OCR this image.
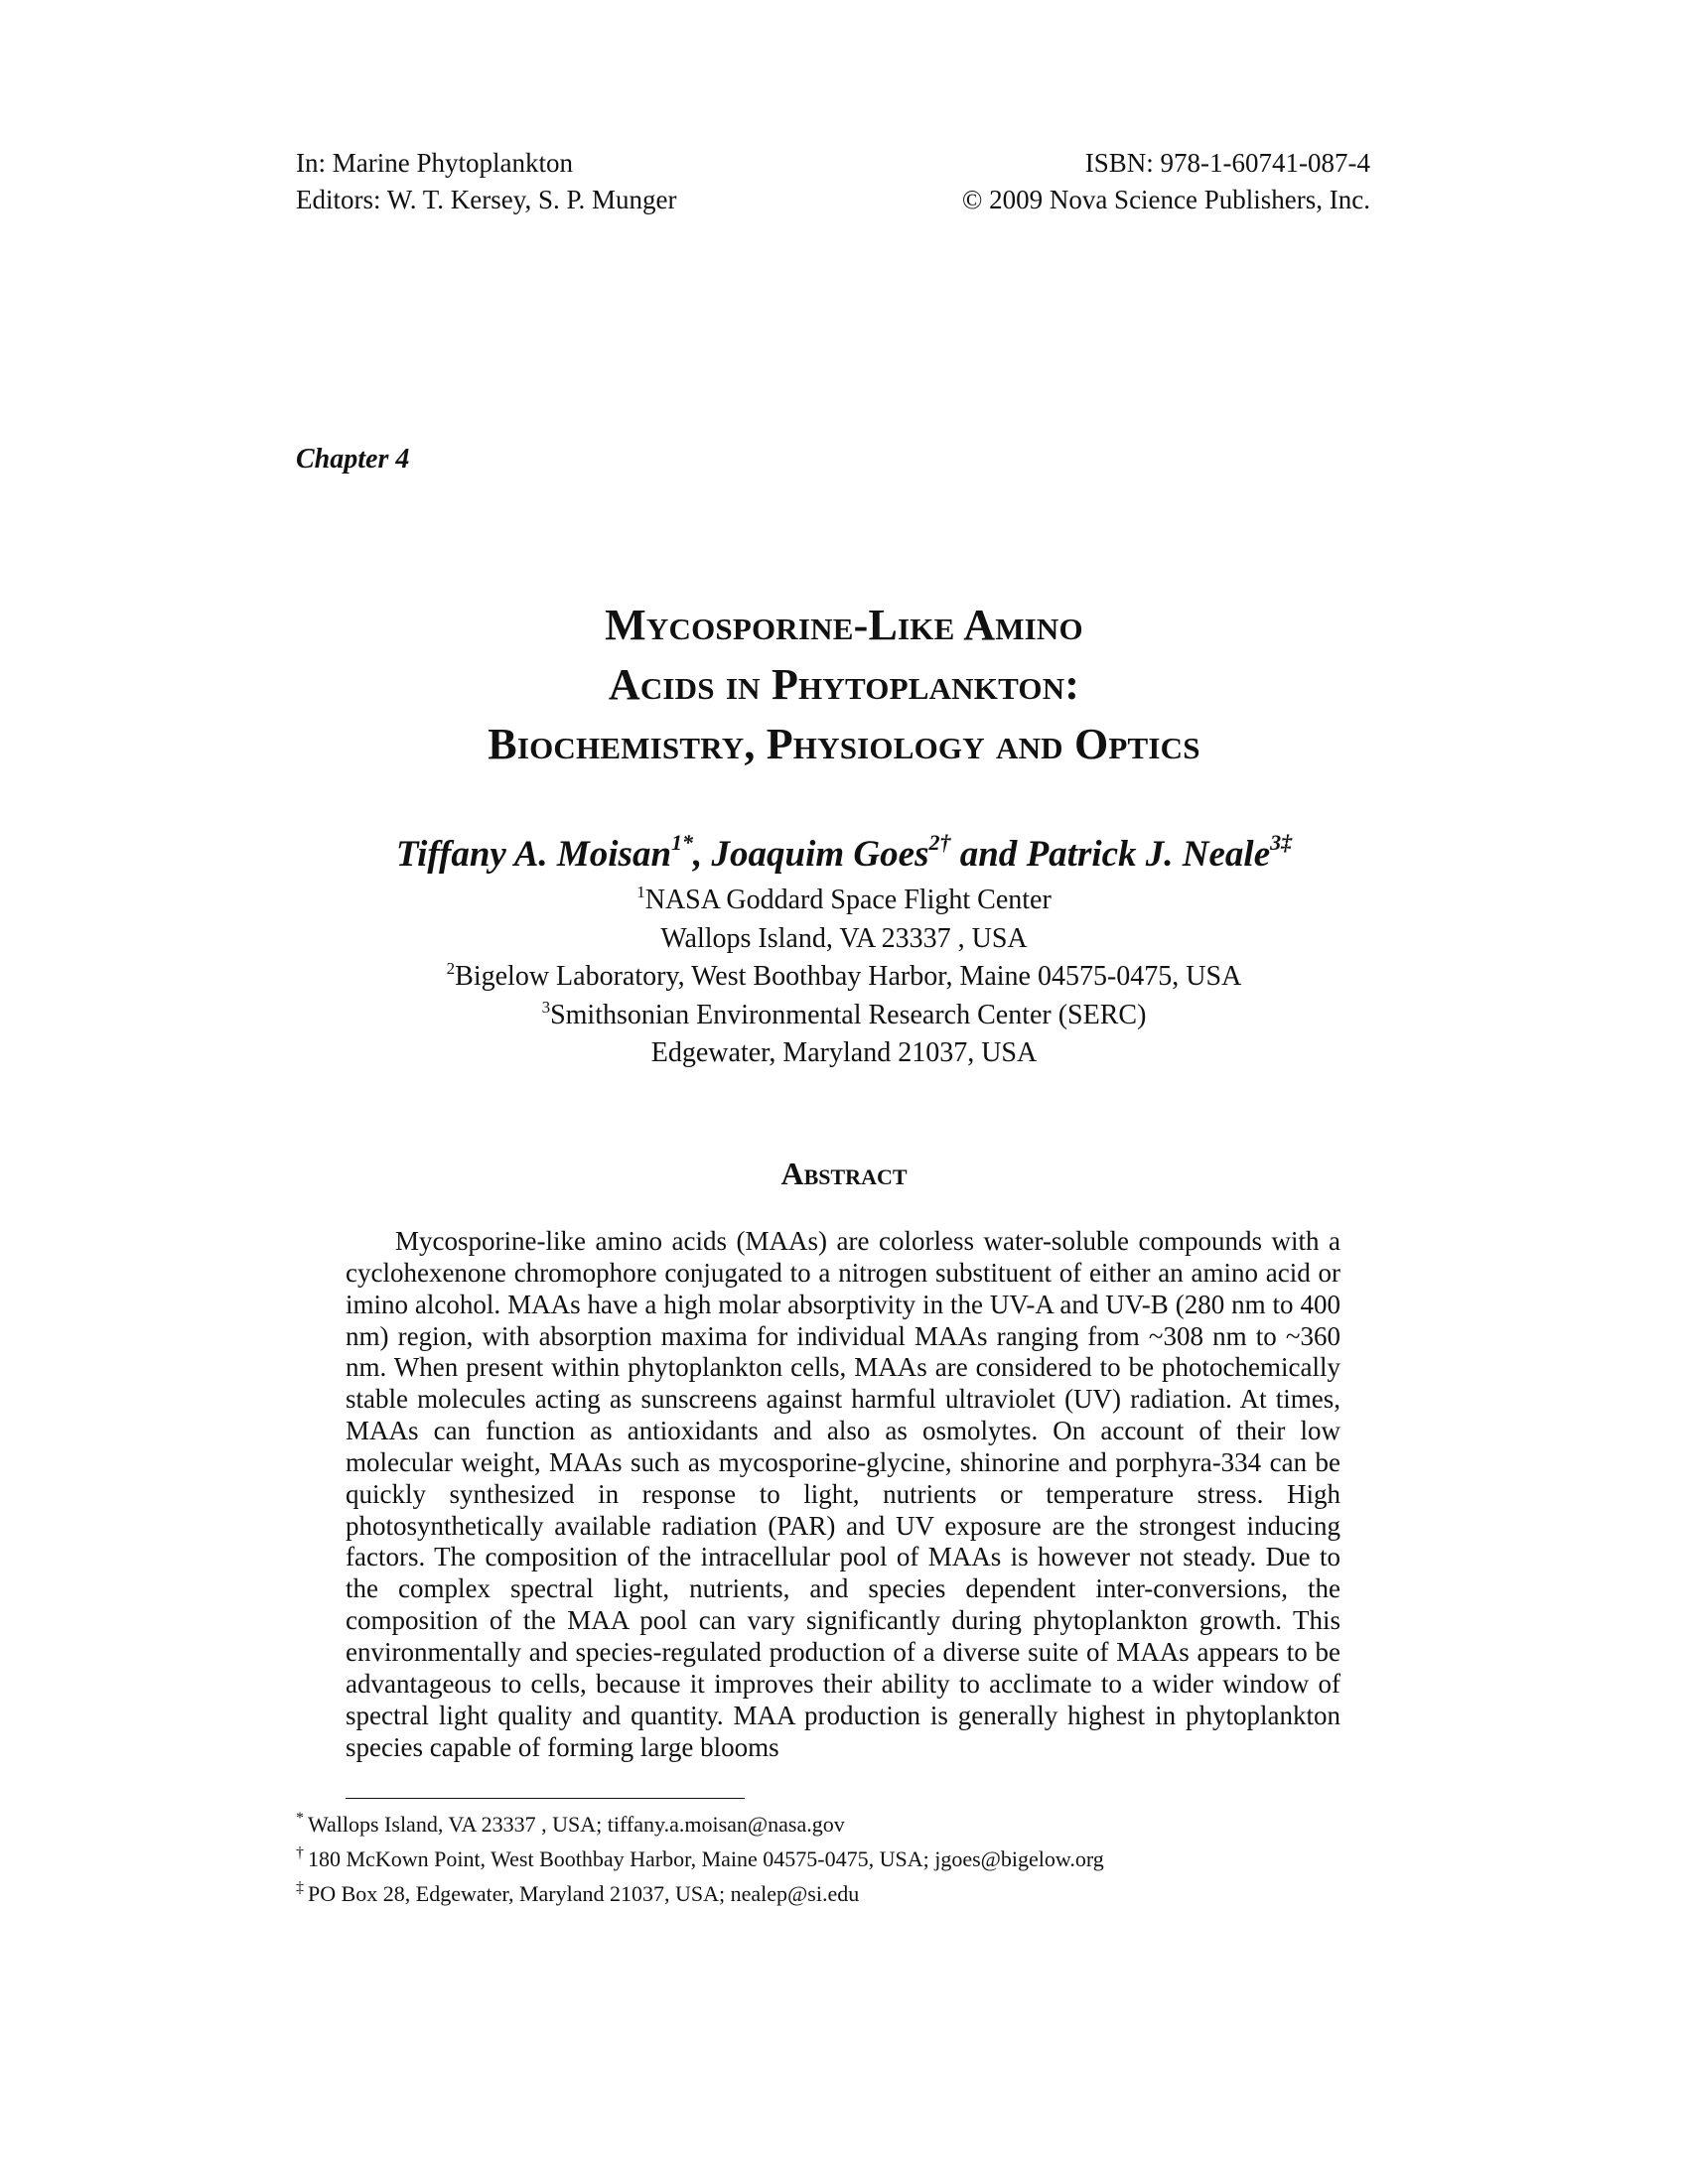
In: Marine Phytoplankton
Editors: W. T. Kersey, S. P. Munger
ISBN: 978-1-60741-087-4
© 2009 Nova Science Publishers, Inc.
Chapter 4
Mycosporine-Like Amino
Acids in Phytoplankton:
Biochemistry, Physiology and Optics
Tiffany A. Moisan$^{1*}$, Joaquim Goes$^{2\dagger}$ and Patrick J. Neale$^{3\ddagger}$
$^1$NASA Goddard Space Flight Center
Wallops Island, VA 23337 , USA
$^2$Bigelow Laboratory, West Boothbay Harbor, Maine 04575-0475, USA
$^3$Smithsonian Environmental Research Center (SERC)
Edgewater, Maryland 21037, USA
Abstract

Mycosporine-like amino acids (MAAs) are colorless water-soluble compounds with a cyclohexenone chromophore conjugated to a nitrogen substituent of either an amino acid or imino alcohol. MAAs have a high molar absorptivity in the UV-A and UV-B (280 nm to 400 nm) region, with absorption maxima for individual MAAs ranging from ~308 nm to ~360 nm. When present within phytoplankton cells, MAAs are considered to be photochemically stable molecules acting as sunscreens against harmful ultraviolet (UV) radiation. At times, MAAs can function as antioxidants and also as osmolytes. On account of their low molecular weight, MAAs such as mycosporine-glycine, shinorine and porphyra-334 can be quickly synthesized in response to light, nutrients or temperature stress. High photosynthetically available radiation (PAR) and UV exposure are the strongest inducing factors. The composition of the intracellular pool of MAAs is however not steady. Due to the complex spectral light, nutrients, and species dependent inter-conversions, the composition of the MAA pool can vary significantly during phytoplankton growth. This environmentally and species-regulated production of a diverse suite of MAAs appears to be advantageous to cells, because it improves their ability to acclimate to a wider window of spectral light quality and quantity. MAA production is generally highest in phytoplankton species capable of forming large blooms

* Wallops Island, VA 23337 , USA; tiffany.a.moisan@nasa.gov
† 180 McKown Point, West Boothbay Harbor, Maine 04575-0475, USA; jgoes@bigelow.org
‡ PO Box 28, Edgewater, Maryland 21037, USA; nealep@si.edu
